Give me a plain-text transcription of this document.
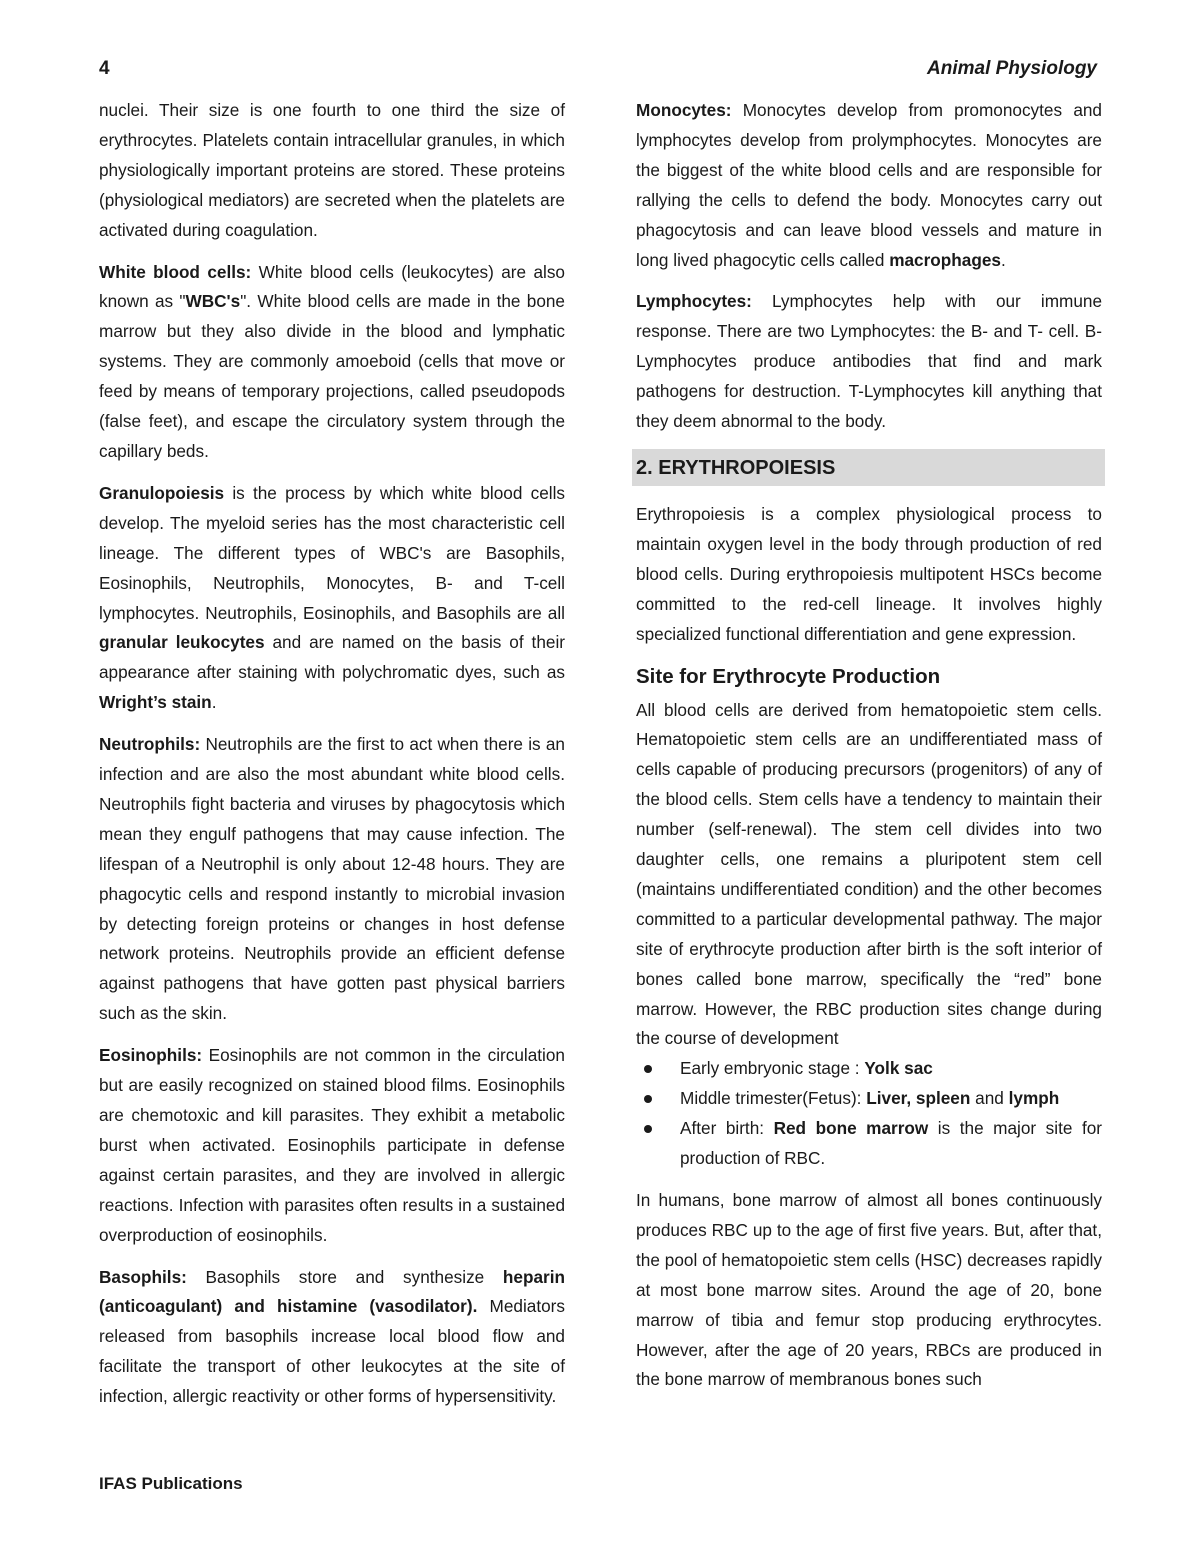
4	Animal Physiology

nuclei. Their size is one fourth to one third the size of erythrocytes. Platelets contain intracellular granules, in which physiologically important proteins are stored. These proteins (physiological mediators) are secreted when the platelets are activated during coagulation.

White blood cells: White blood cells (leukocytes) are also known as "WBC's". White blood cells are made in the bone marrow but they also divide in the blood and lymphatic systems. They are commonly amoeboid (cells that move or feed by means of temporary projections, called pseudopods (false feet), and escape the circulatory system through the capillary beds.

Granulopoiesis is the process by which white blood cells develop. The myeloid series has the most characteristic cell lineage. The different types of WBC's are Basophils, Eosinophils, Neutrophils, Monocytes, B- and T-cell lymphocytes. Neutrophils, Eosinophils, and Basophils are all granular leukocytes and are named on the basis of their appearance after staining with polychromatic dyes, such as Wright’s stain.

Neutrophils: Neutrophils are the first to act when there is an infection and are also the most abundant white blood cells. Neutrophils fight bacteria and viruses by phagocytosis which mean they engulf pathogens that may cause infection. The lifespan of a Neutrophil is only about 12-48 hours. They are phagocytic cells and respond instantly to microbial invasion by detecting foreign proteins or changes in host defense network proteins. Neutrophils provide an efficient defense against pathogens that have gotten past physical barriers such as the skin.

Eosinophils: Eosinophils are not common in the circulation but are easily recognized on stained blood films. Eosinophils are chemotoxic and kill parasites. They exhibit a metabolic burst when activated. Eosinophils participate in defense against certain parasites, and they are involved in allergic reactions. Infection with parasites often results in a sustained overproduction of eosinophils.

Basophils: Basophils store and synthesize heparin (anticoagulant) and histamine (vasodilator). Mediators released from basophils increase local blood flow and facilitate the transport of other leukocytes at the site of infection, allergic reactivity or other forms of hypersensitivity.

Monocytes: Monocytes develop from promonocytes and lymphocytes develop from prolymphocytes. Monocytes are the biggest of the white blood cells and are responsible for rallying the cells to defend the body. Monocytes carry out phagocytosis and can leave blood vessels and mature in long lived phagocytic cells called macrophages.

Lymphocytes: Lymphocytes help with our immune response. There are two Lymphocytes: the B- and T- cell. B-Lymphocytes produce antibodies that find and mark pathogens for destruction. T-Lymphocytes kill anything that they deem abnormal to the body.

2. ERYTHROPOIESIS

Erythropoiesis is a complex physiological process to maintain oxygen level in the body through production of red blood cells. During erythropoiesis multipotent HSCs become committed to the red-cell lineage. It involves highly specialized functional differentiation and gene expression.

Site for Erythrocyte Production

All blood cells are derived from hematopoietic stem cells. Hematopoietic stem cells are an undifferentiated mass of cells capable of producing precursors (progenitors) of any of the blood cells. Stem cells have a tendency to maintain their number (self-renewal). The stem cell divides into two daughter cells, one remains a pluripotent stem cell (maintains undifferentiated condition) and the other becomes committed to a particular developmental pathway. The major site of erythrocyte production after birth is the soft interior of bones called bone marrow, specifically the “red” bone marrow. However, the RBC production sites change during the course of development

Early embryonic stage : Yolk sac
Middle trimester(Fetus): Liver, spleen and lymph
After birth: Red bone marrow is the major site for production of RBC.

In humans, bone marrow of almost all bones continuously produces RBC up to the age of first five years. But, after that, the pool of hematopoietic stem cells (HSC) decreases rapidly at most bone marrow sites. Around the age of 20, bone marrow of tibia and femur stop producing erythrocytes. However, after the age of 20 years, RBCs are produced in the bone marrow of membranous bones such

IFAS Publications
